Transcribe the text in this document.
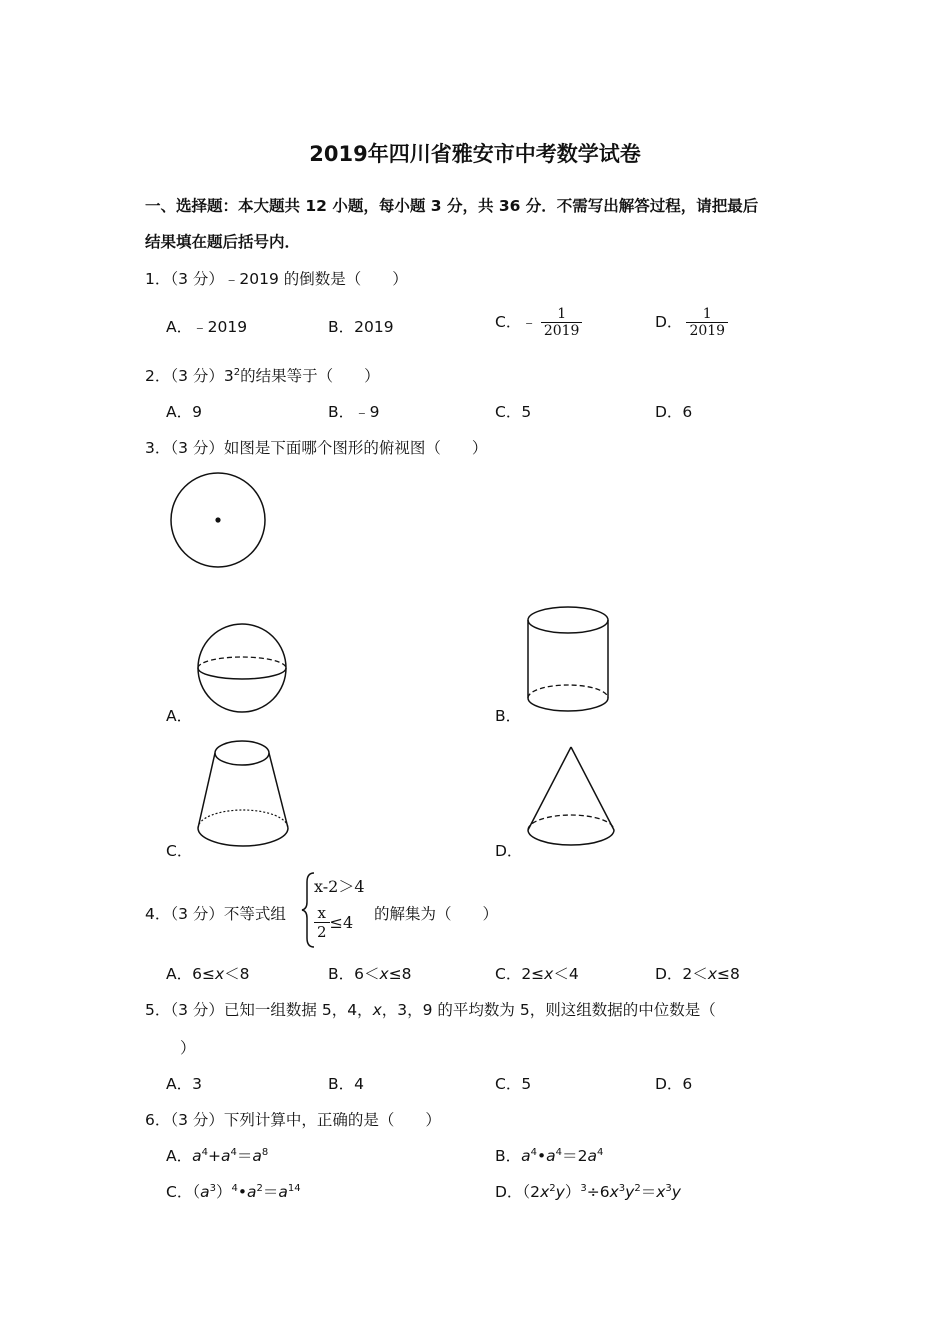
2019年四川省雅安市中考数学试卷
一、选择题：本大题共 12 小题，每小题 3 分，共 36 分．不需写出解答过程，请把最后
结果填在题后括号内．
1．（3 分）﹣2019 的倒数是（　　）
A．﹣2019	B．2019	C．﹣ $\frac{1}{2019}$	D． $\frac{1}{2019}$
2．（3 分）$3^2$的结果等于（　　）
A．9	B．﹣9	C．5	D．6
3．（3 分）如图是下面哪个图形的俯视图（　　）
A．	B．
C．	D．
4．（3 分）不等式组
x-2＞4
$\frac{x}{2} \le 4$ 的解集为（　　）
A．6≤x＜8	B．6＜x≤8	C．2≤x＜4	D．2＜x≤8
5．（3 分）已知一组数据 5，4，x，3，9 的平均数为 5，则这组数据的中位数是（
）
A．3	B．4	C．5	D．6
6．（3 分）下列计算中，正确的是（　　）
A．$a^4+a^4=a^8$	B．$a^4•a^4=2a^4$
C．$(a^3)^4•a^2=a^{14}$	D．$(2x^2y)^3\div 6x^3y^2=x^3y$
